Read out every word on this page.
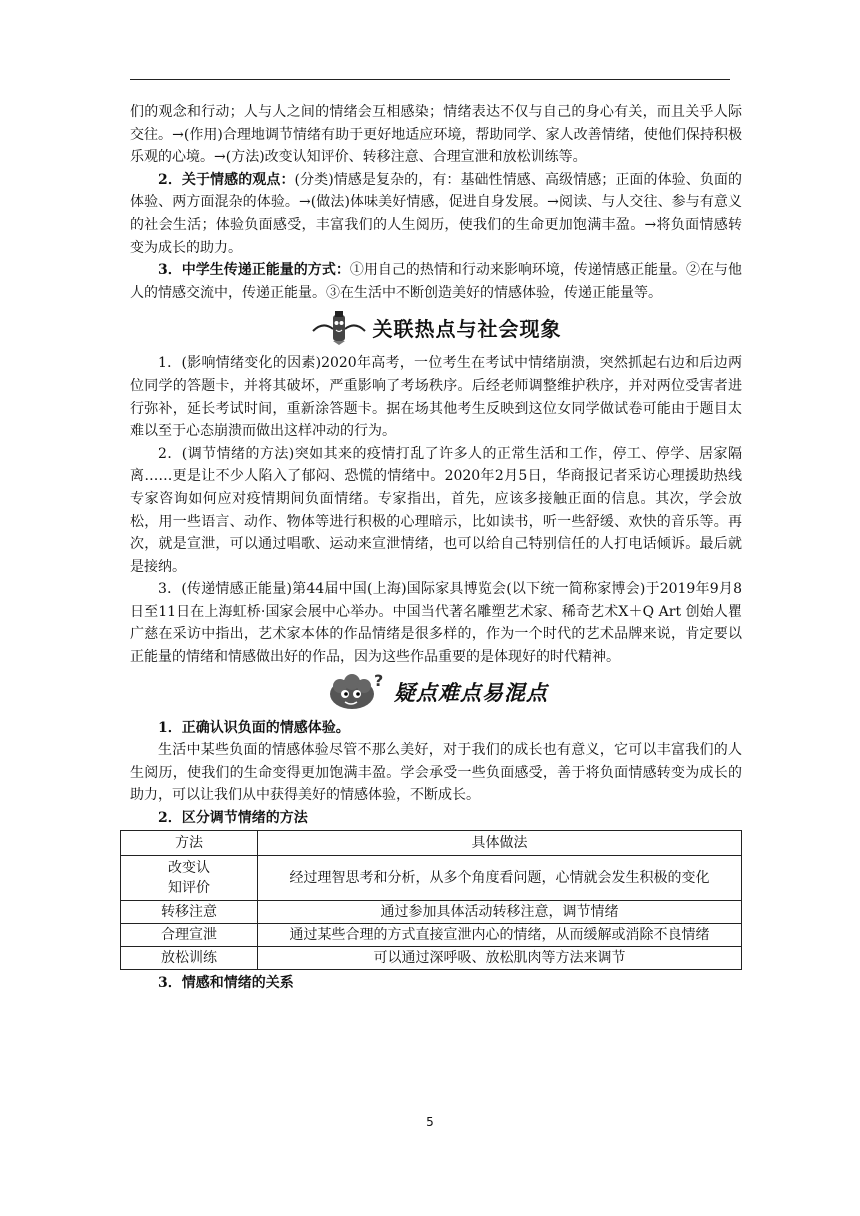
们的观念和行动；人与人之间的情绪会互相感染；情绪表达不仅与自己的身心有关，而且关乎人际交往。→(作用)合理地调节情绪有助于更好地适应环境，帮助同学、家人改善情绪，使他们保持积极乐观的心境。→(方法)改变认知评价、转移注意、合理宣泄和放松训练等。

2．关于情感的观点：(分类)情感是复杂的，有：基础性情感、高级情感；正面的体验、负面的体验、两方面混杂的体验。→(做法)体味美好情感，促进自身发展。→阅读、与人交往、参与有意义的社会生活；体验负面感受，丰富我们的人生阅历，使我们的生命更加饱满丰盈。→将负面情感转变为成长的助力。

3．中学生传递正能量的方式：①用自己的热情和行动来影响环境，传递情感正能量。②在与他人的情感交流中，传递正能量。③在生活中不断创造美好的情感体验，传递正能量等。

关联热点与社会现象

1．(影响情绪变化的因素)2020年高考，一位考生在考试中情绪崩溃，突然抓起右边和后边两位同学的答题卡，并将其破坏，严重影响了考场秩序。后经老师调整维护秩序，并对两位受害者进行弥补，延长考试时间，重新涂答题卡。据在场其他考生反映到这位女同学做试卷可能由于题目太难以至于心态崩溃而做出这样冲动的行为。

2．(调节情绪的方法)突如其来的疫情打乱了许多人的正常生活和工作，停工、停学、居家隔离……更是让不少人陷入了郁闷、恐慌的情绪中。2020年2月5日，华商报记者采访心理援助热线专家咨询如何应对疫情期间负面情绪。专家指出，首先，应该多接触正面的信息。其次，学会放松，用一些语言、动作、物体等进行积极的心理暗示，比如读书，听一些舒缓、欢快的音乐等。再次，就是宣泄，可以通过唱歌、运动来宣泄情绪，也可以给自己特别信任的人打电话倾诉。最后就是接纳。

3．(传递情感正能量)第44届中国(上海)国际家具博览会(以下统一简称家博会)于2019年9月8日至11日在上海虹桥·国家会展中心举办。中国当代著名雕塑艺术家、稀奇艺术X＋Q Art 创始人瞿广慈在采访中指出，艺术家本体的作品情绪是很多样的，作为一个时代的艺术品牌来说，肯定要以正能量的情绪和情感做出好的作品，因为这些作品重要的是体现好的时代精神。

?
疑点难点易混点

1．正确认识负面的情感体验。

生活中某些负面的情感体验尽管不那么美好，对于我们的成长也有意义，它可以丰富我们的人生阅历，使我们的生命变得更加饱满丰盈。学会承受一些负面感受，善于将负面情感转变为成长的助力，可以让我们从中获得美好的情感体验，不断成长。

2．区分调节情绪的方法

方法	具体做法
改变认
知评价	经过理智思考和分析，从多个角度看问题，心情就会发生积极的变化
转移注意	通过参加具体活动转移注意，调节情绪
合理宣泄	通过某些合理的方式直接宣泄内心的情绪，从而缓解或消除不良情绪
放松训练	可以通过深呼吸、放松肌肉等方法来调节

3．情感和情绪的关系

5
